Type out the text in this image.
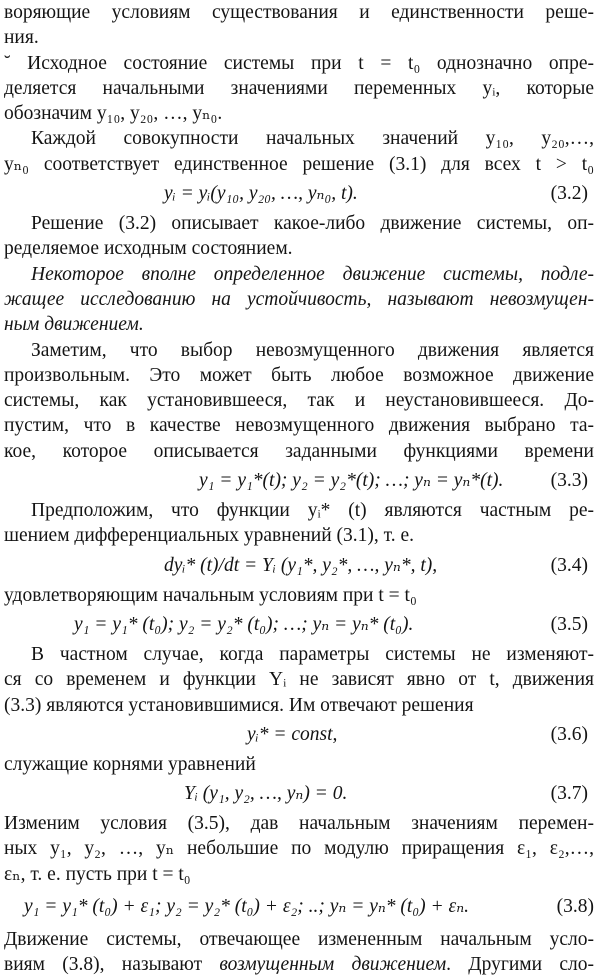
воряющие условиям существования и единственности реше-
ния.
˘ Исходное состояние системы при t = t₀ однозначно опре-
деляется начальными значениями переменных yᵢ, которые
обозначим y₁₀, y₂₀, …, yₙ₀.
Каждой совокупности начальных значений y₁₀, y₂₀,…,
yₙ₀ соответствует единственное решение (3.1) для всех t > t₀
yᵢ = yᵢ(y₁₀, y₂₀, …, yₙ₀, t).	(3.2)
Решение (3.2) описывает какое-либо движение системы, оп-
ределяемое исходным состоянием.
Некоторое вполне определенное движение системы, подле-
жащее исследованию на устойчивость, называют невозмущен-
ным движением.
Заметим, что выбор невозмущенного движения является
произвольным. Это может быть любое возможное движение
системы, как установившееся, так и неустановившееся. До-
пустим, что в качестве невозмущенного движения выбрано та-
кое, которое описывается заданными функциями времени
y₁ = y₁*(t); y₂ = y₂*(t); …; yₙ = yₙ*(t). (3.3)
Предположим, что функции yᵢ* (t) являются частным ре-
шением дифференциальных уравнений (3.1), т. е.
dyᵢ* (t)/dt = Yᵢ (y₁*, y₂*, …, yₙ*, t),	(3.4)
удовлетворяющим начальным условиям при t = t₀
y₁ = y₁* (t₀); y₂ = y₂* (t₀); …; yₙ = yₙ* (t₀).	(3.5)
В частном случае, когда параметры системы не изменяют-
ся со временем и функции Yᵢ не зависят явно от t, движения
(3.3) являются установившимися. Им отвечают решения
yᵢ* = const,	(3.6)
служащие корнями уравнений
Yᵢ (y₁, y₂, …, yₙ) = 0.	(3.7)
Изменим условия (3.5), дав начальным значениям перемен-
ных y₁, y₂, …, yₙ небольшие по модулю приращения ε₁, ε₂,…,
εₙ, т. е. пусть при t = t₀
y₁ = y₁* (t₀) + ε₁; y₂ = y₂* (t₀) + ε₂; ..; yₙ = yₙ* (t₀) + εₙ.	(3.8)
Движение системы, отвечающее измененным начальным усло-
виям (3.8), называют возмущенным движением. Другими сло-
